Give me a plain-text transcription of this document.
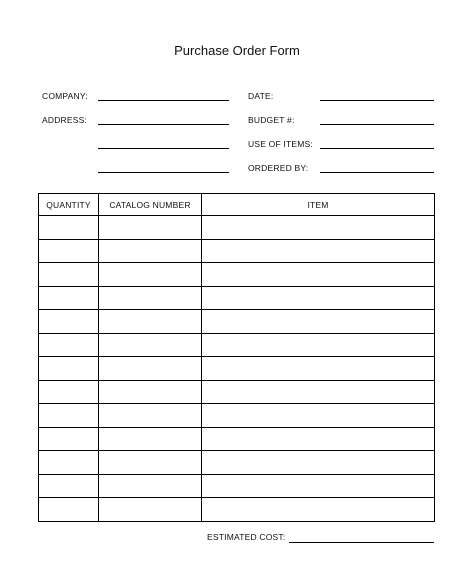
Purchase Order Form
COMPANY:
ADDRESS:
DATE:
BUDGET #:
USE OF ITEMS:
ORDERED BY:
QUANTITY	CATALOG NUMBER	ITEM

ESTIMATED COST:
